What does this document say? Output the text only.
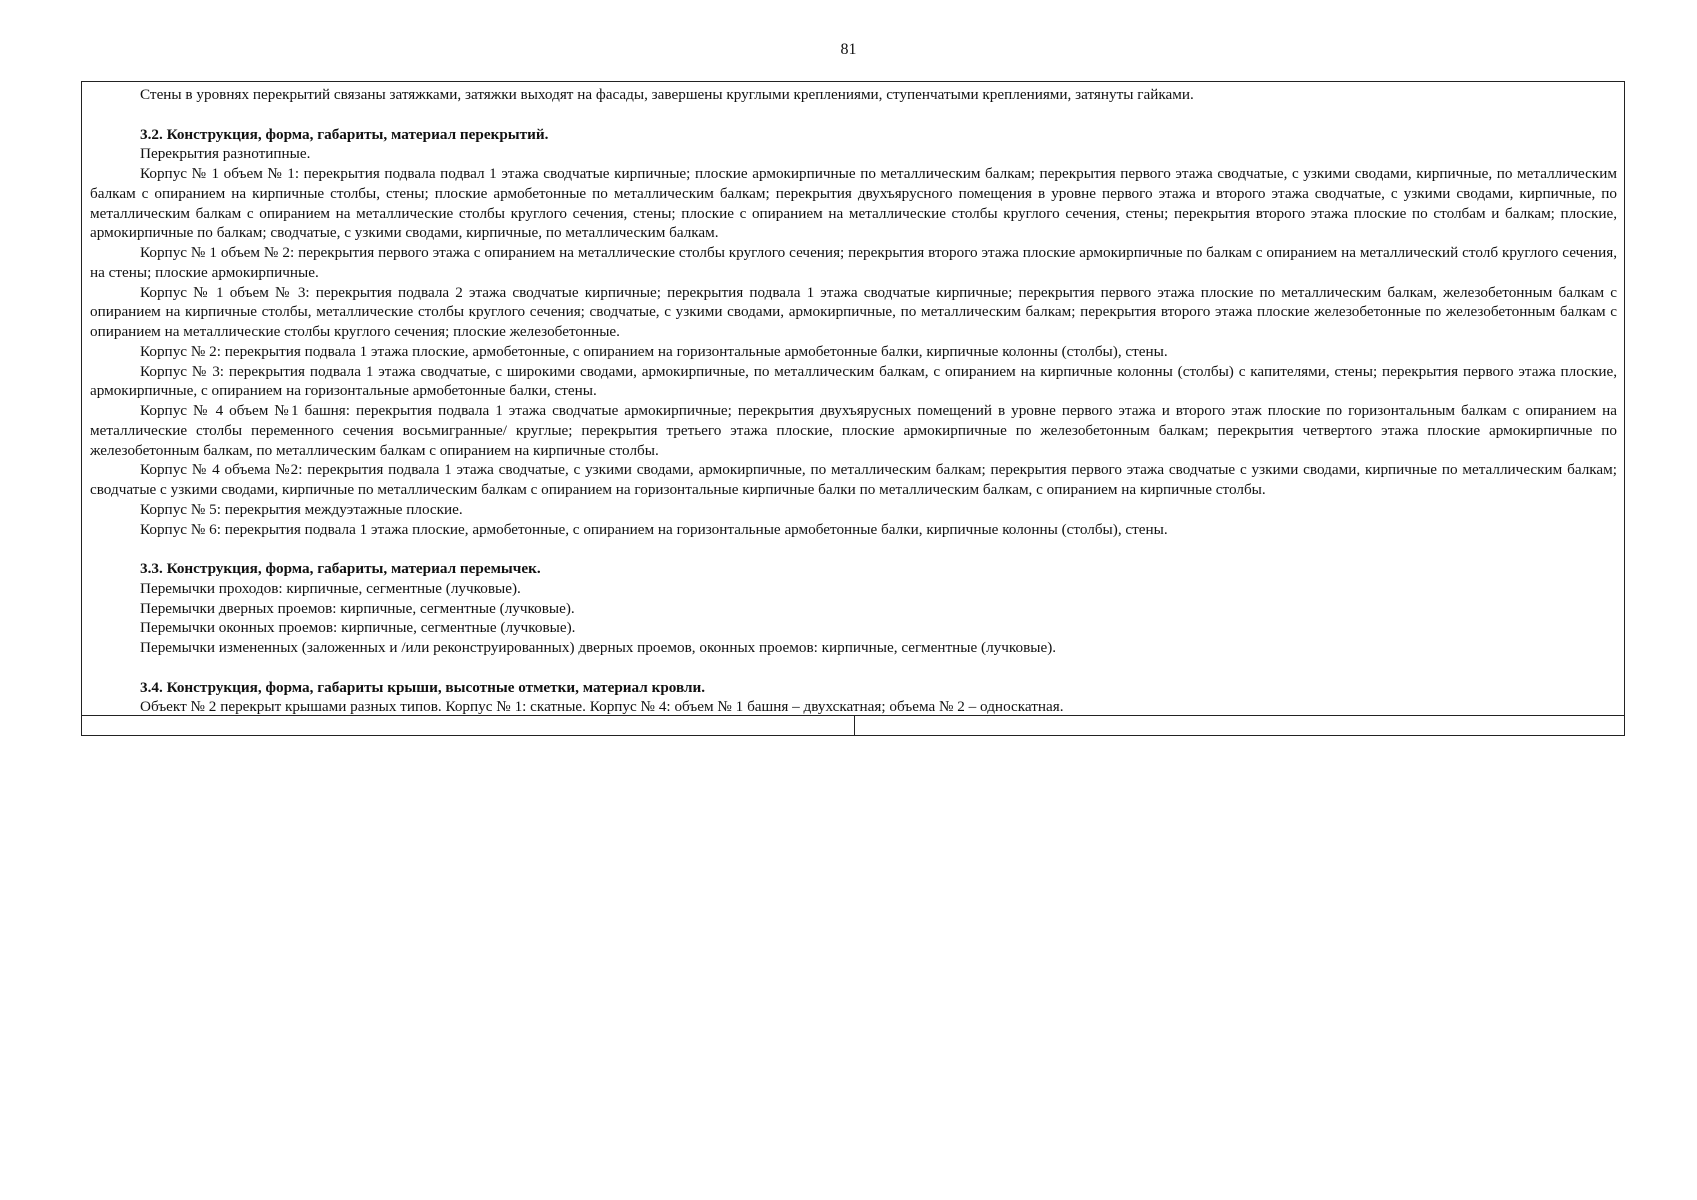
81

Стены в уровнях перекрытий связаны затяжками, затяжки выходят на фасады, завершены круглыми креплениями, ступенчатыми креплениями, затянуты гайками.

3.2. Конструкция, форма, габариты, материал перекрытий.

Перекрытия разнотипные.

Корпус № 1 объем № 1: перекрытия подвала подвал 1 этажа сводчатые кирпичные; плоские армокирпичные по металлическим балкам; перекрытия первого этажа сводчатые, с узкими сводами, кирпичные, по металлическим балкам с опиранием на кирпичные столбы, стены; плоские армобетонные по металлическим балкам; перекрытия двухъярусного помещения в уровне первого этажа и второго этажа сводчатые, с узкими сводами, кирпичные, по металлическим балкам с опиранием на металлические столбы круглого сечения, стены; плоские с опиранием на металлические столбы круглого сечения, стены; перекрытия второго этажа плоские по столбам и балкам; плоские, армокирпичные по балкам; сводчатые, с узкими сводами, кирпичные, по металлическим балкам.

Корпус № 1 объем № 2: перекрытия первого этажа с опиранием на металлические столбы круглого сечения; перекрытия второго этажа плоские армокирпичные по балкам с опиранием на металлический столб круглого сечения, на стены; плоские армокирпичные.

Корпус № 1 объем № 3: перекрытия подвала 2 этажа сводчатые кирпичные; перекрытия подвала 1 этажа сводчатые кирпичные; перекрытия первого этажа плоские по металлическим балкам, железобетонным балкам с опиранием на кирпичные столбы, металлические столбы круглого сечения; сводчатые, с узкими сводами, армокирпичные, по металлическим балкам; перекрытия второго этажа плоские железобетонные по железобетонным балкам с опиранием на металлические столбы круглого сечения; плоские железобетонные.

Корпус № 2: перекрытия подвала 1 этажа плоские, армобетонные, с опиранием на горизонтальные армобетонные балки, кирпичные колонны (столбы), стены.

Корпус № 3: перекрытия подвала 1 этажа сводчатые, с широкими сводами, армокирпичные, по металлическим балкам, с опиранием на кирпичные колонны (столбы) с капителями, стены; перекрытия первого этажа плоские, армокирпичные, с опиранием на горизонтальные армобетонные балки, стены.

Корпус № 4 объем №1 башня: перекрытия подвала 1 этажа сводчатые армокирпичные; перекрытия двухъярусных помещений в уровне первого этажа и второго этаж плоские по горизонтальным балкам с опиранием на металлические столбы переменного сечения восьмигранные/ круглые; перекрытия третьего этажа плоские, плоские армокирпичные по железобетонным балкам; перекрытия четвертого этажа плоские армокирпичные по железобетонным балкам, по металлическим балкам с опиранием на кирпичные столбы.

Корпус № 4 объема №2: перекрытия подвала 1 этажа сводчатые, с узкими сводами, армокирпичные, по металлическим балкам; перекрытия первого этажа сводчатые с узкими сводами, кирпичные по металлическим балкам; сводчатые с узкими сводами, кирпичные по металлическим балкам с опиранием на горизонтальные кирпичные балки по металлическим балкам, с опиранием на кирпичные столбы.

Корпус № 5: перекрытия междуэтажные плоские.

Корпус № 6: перекрытия подвала 1 этажа плоские, армобетонные, с опиранием на горизонтальные армобетонные балки, кирпичные колонны (столбы), стены.

3.3. Конструкция, форма, габариты, материал перемычек.

Перемычки проходов: кирпичные, сегментные (лучковые).

Перемычки дверных проемов: кирпичные, сегментные (лучковые).

Перемычки оконных проемов: кирпичные, сегментные (лучковые).

Перемычки измененных (заложенных и /или реконструированных) дверных проемов, оконных проемов: кирпичные, сегментные (лучковые).

3.4. Конструкция, форма, габариты крыши, высотные отметки, материал кровли.

Объект № 2 перекрыт крышами разных типов. Корпус № 1: скатные. Корпус № 4: объем № 1 башня – двухскатная; объема № 2 – односкатная.
